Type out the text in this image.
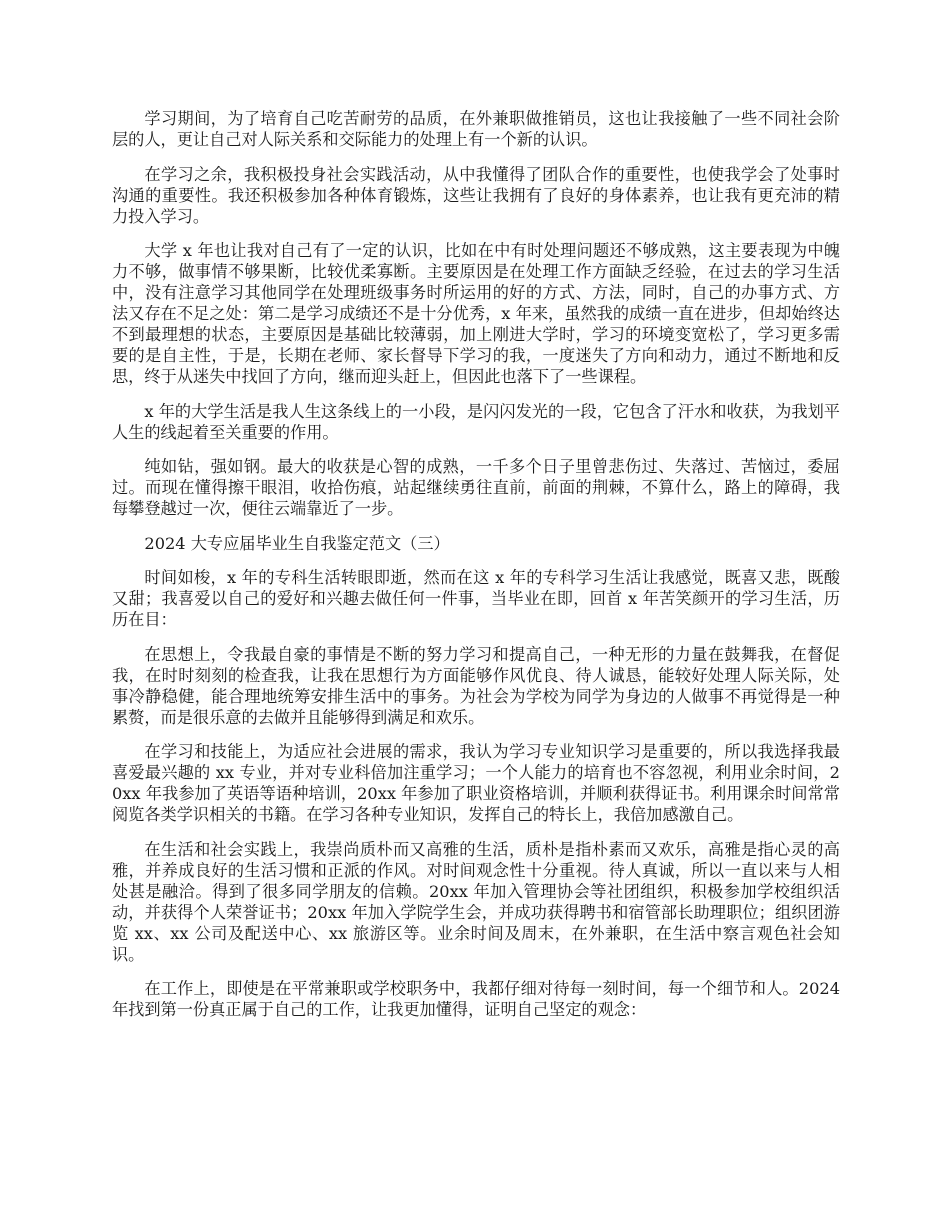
学习期间，为了培育自己吃苦耐劳的品质，在外兼职做推销员，这也让我接触了一些不同社会阶层的人，更让自己对人际关系和交际能力的处理上有一个新的认识。

在学习之余，我积极投身社会实践活动，从中我懂得了团队合作的重要性，也使我学会了处事时沟通的重要性。我还积极参加各种体育锻炼，这些让我拥有了良好的身体素养，也让我有更充沛的精力投入学习。

大学 x 年也让我对自己有了一定的认识，比如在中有时处理问题还不够成熟，这主要表现为中魄力不够，做事情不够果断，比较优柔寡断。主要原因是在处理工作方面缺乏经验，在过去的学习生活中，没有注意学习其他同学在处理班级事务时所运用的好的方式、方法，同时，自己的办事方式、方法又存在不足之处：第二是学习成绩还不是十分优秀，x 年来，虽然我的成绩一直在进步，但却始终达不到最理想的状态，主要原因是基础比较薄弱，加上刚进大学时，学习的环境变宽松了，学习更多需要的是自主性，于是，长期在老师、家长督导下学习的我，一度迷失了方向和动力，通过不断地和反思，终于从迷失中找回了方向，继而迎头赶上，但因此也落下了一些课程。

x 年的大学生活是我人生这条线上的一小段，是闪闪发光的一段，它包含了汗水和收获，为我划平人生的线起着至关重要的作用。

纯如钻，强如钢。最大的收获是心智的成熟，一千多个日子里曾悲伤过、失落过、苦恼过，委屈过。而现在懂得擦干眼泪，收拾伤痕，站起继续勇往直前，前面的荆棘，不算什么，路上的障碍，我每攀登越过一次，便往云端靠近了一步。

2024 大专应届毕业生自我鉴定范文（三）

时间如梭，x 年的专科生活转眼即逝，然而在这 x 年的专科学习生活让我感觉，既喜又悲，既酸又甜；我喜爱以自己的爱好和兴趣去做任何一件事，当毕业在即，回首 x 年苦笑颜开的学习生活，历历在目：

在思想上，令我最自豪的事情是不断的努力学习和提高自己，一种无形的力量在鼓舞我，在督促我，在时时刻刻的检查我，让我在思想行为方面能够作风优良、待人诚恳，能较好处理人际关际，处事冷静稳健，能合理地统筹安排生活中的事务。为社会为学校为同学为身边的人做事不再觉得是一种累赘，而是很乐意的去做并且能够得到满足和欢乐。

在学习和技能上，为适应社会进展的需求，我认为学习专业知识学习是重要的，所以我选择我最喜爱最兴趣的 xx 专业，并对专业科倍加注重学习；一个人能力的培育也不容忽视，利用业余时间，20xx 年我参加了英语等语种培训，20xx 年参加了职业资格培训，并顺利获得证书。利用课余时间常常阅览各类学识相关的书籍。在学习各种专业知识，发挥自己的特长上，我倍加感激自己。

在生活和社会实践上，我崇尚质朴而又高雅的生活，质朴是指朴素而又欢乐，高雅是指心灵的高雅，并养成良好的生活习惯和正派的作风。对时间观念性十分重视。待人真诚，所以一直以来与人相处甚是融洽。得到了很多同学朋友的信赖。20xx 年加入管理协会等社团组织，积极参加学校组织活动，并获得个人荣誉证书；20xx 年加入学院学生会，并成功获得聘书和宿管部长助理职位；组织团游览 xx、xx 公司及配送中心、xx 旅游区等。业余时间及周末，在外兼职，在生活中察言观色社会知识。

在工作上，即使是在平常兼职或学校职务中，我都仔细对待每一刻时间，每一个细节和人。2024 年找到第一份真正属于自己的工作，让我更加懂得，证明自己坚定的观念：
